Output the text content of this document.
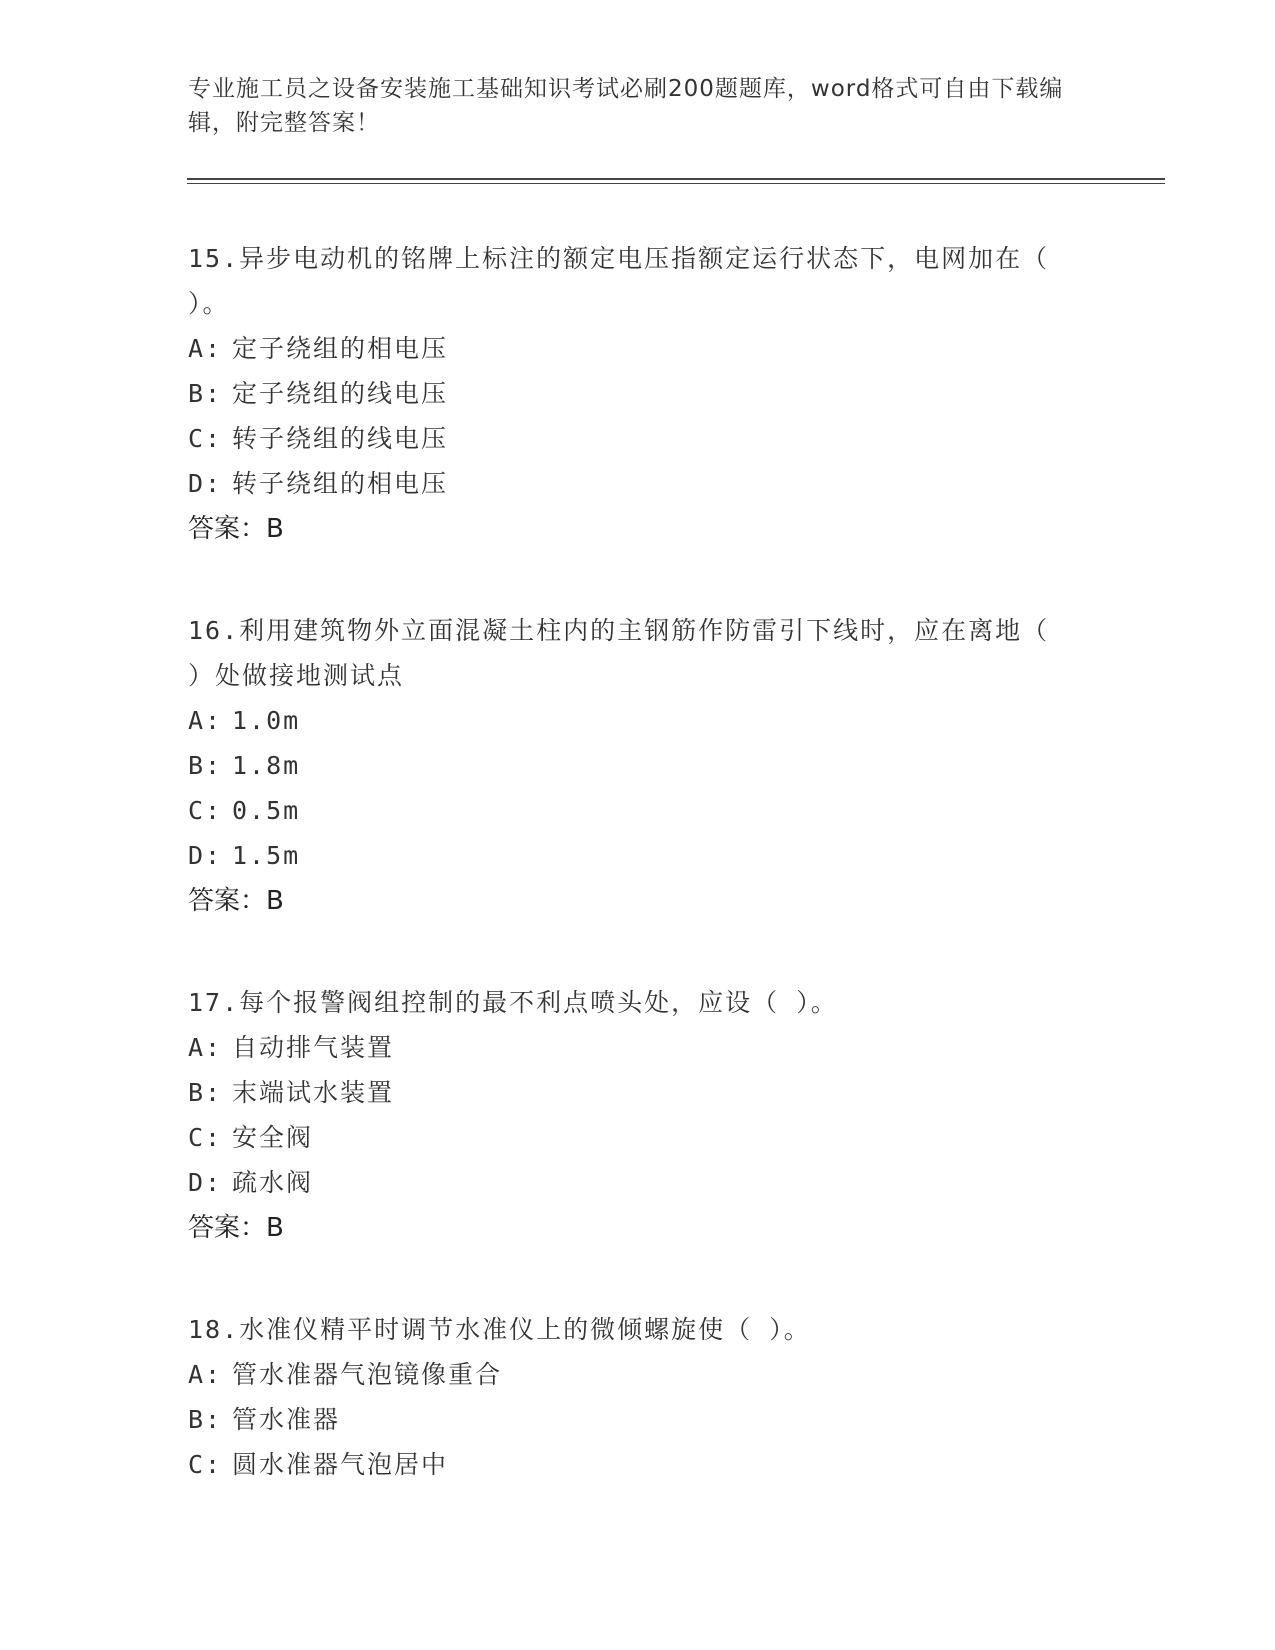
专业施工员之设备安装施工基础知识考试必刷200题题库，word格式可自由下载编辑，附完整答案！
15.异步电动机的铭牌上标注的额定电压指额定运行状态下，电网加在（ ）。
A: 定子绕组的相电压
B: 定子绕组的线电压
C: 转子绕组的线电压
D: 转子绕组的相电压
答案：B
16.利用建筑物外立面混凝土柱内的主钢筋作防雷引下线时，应在离地（ ）处做接地测试点
A: 1.0m
B: 1.8m
C: 0.5m
D: 1.5m
答案：B
17.每个报警阀组控制的最不利点喷头处，应设（ ）。
A: 自动排气装置
B: 末端试水装置
C: 安全阀
D: 疏水阀
答案：B
18.水准仪精平时调节水准仪上的微倾螺旋使（ ）。
A: 管水准器气泡镜像重合
B: 管水准器
C: 圆水准器气泡居中
